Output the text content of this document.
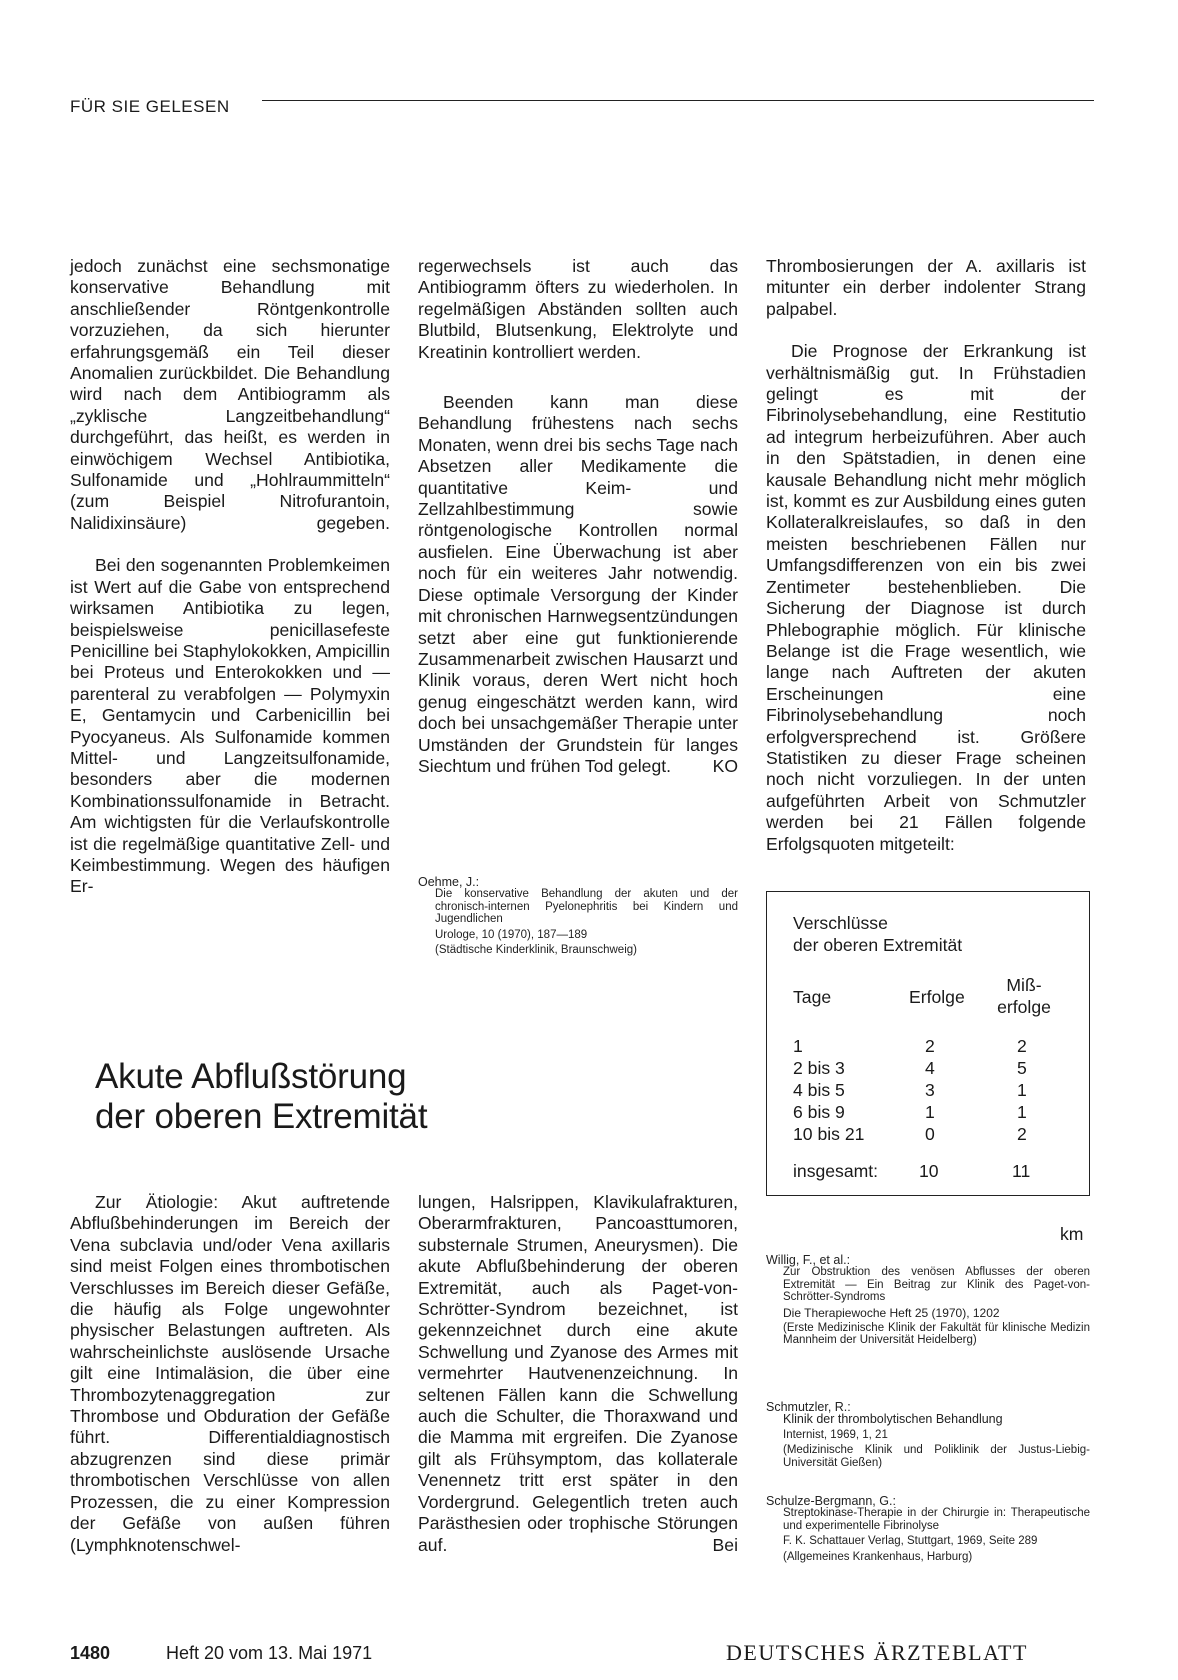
FÜR SIE GELESEN

jedoch zunächst eine sechsmonatige konservative Behandlung mit anschließender Röntgenkontrolle vorzuziehen, da sich hierunter erfahrungsgemäß ein Teil dieser Anomalien zurückbildet. Die Behandlung wird nach dem Antibiogramm als „zyklische Langzeitbehandlung“ durchgeführt, das heißt, es werden in einwöchigem Wechsel Antibiotika, Sulfonamide und „Hohlraummitteln“ (zum Beispiel Nitrofurantoin, Nalidixinsäure) gegeben.

Bei den sogenannten Problemkeimen ist Wert auf die Gabe von entsprechend wirksamen Antibiotika zu legen, beispielsweise penicillasefeste Penicilline bei Staphylokokken, Ampicillin bei Proteus und Enterokokken und — parenteral zu verabfolgen — Polymyxin E, Gentamycin und Carbenicillin bei Pyocyaneus. Als Sulfonamide kommen Mittel- und Langzeitsulfonamide, besonders aber die modernen Kombinationssulfonamide in Betracht. Am wichtigsten für die Verlaufskontrolle ist die regelmäßige quantitative Zell- und Keimbestimmung. Wegen des häufigen Er-

regerwechsels ist auch das Antibiogramm öfters zu wiederholen. In regelmäßigen Abständen sollten auch Blutbild, Blutsenkung, Elektrolyte und Kreatinin kontrolliert werden.

Beenden kann man diese Behandlung frühestens nach sechs Monaten, wenn drei bis sechs Tage nach Absetzen aller Medikamente die quantitative Keim- und Zellzahlbestimmung sowie röntgenologische Kontrollen normal ausfielen. Eine Überwachung ist aber noch für ein weiteres Jahr notwendig. Diese optimale Versorgung der Kinder mit chronischen Harnwegsentzündungen setzt aber eine gut funktionierende Zusammenarbeit zwischen Hausarzt und Klinik voraus, deren Wert nicht hoch genug eingeschätzt werden kann, wird doch bei unsachgemäßer Therapie unter Umständen der Grundstein für langes Siechtum und frühen Tod gelegt.	KO

Oehme, J.:
Die konservative Behandlung der akuten und der chronisch-internen Pyelonephritis bei Kindern und Jugendlichen
Urologe, 10 (1970), 187—189
(Städtische Kinderklinik, Braunschweig)
Akute Abflußstörung
der oberen Extremität

Zur Ätiologie: Akut auftretende Abflußbehinderungen im Bereich der Vena subclavia und/oder Vena axillaris sind meist Folgen eines thrombotischen Verschlusses im Bereich dieser Gefäße, die häufig als Folge ungewohnter physischer Belastungen auftreten. Als wahrscheinlichste auslösende Ursache gilt eine Intimaläsion, die über eine Thrombozytenaggregation zur Thrombose und Obduration der Gefäße führt. Differentialdiagnostisch abzugrenzen sind diese primär thrombotischen Verschlüsse von allen Prozessen, die zu einer Kompression der Gefäße von außen führen (Lymphknotenschwel-

lungen, Halsrippen, Klavikulafrakturen, Oberarmfrakturen, Pancoasttumoren, substernale Strumen, Aneurysmen). Die akute Abflußbehinderung der oberen Extremität, auch als Paget-von-Schrötter-Syndrom bezeichnet, ist gekennzeichnet durch eine akute Schwellung und Zyanose des Armes mit vermehrter Hautvenenzeichnung. In seltenen Fällen kann die Schwellung auch die Schulter, die Thoraxwand und die Mamma mit ergreifen. Die Zyanose gilt als Frühsymptom, das kollaterale Venennetz tritt erst später in den Vordergrund. Gelegentlich treten auch Parästhesien oder trophische Störungen auf. Bei

Thrombosierungen der A. axillaris ist mitunter ein derber indolenter Strang palpabel.

Die Prognose der Erkrankung ist verhältnismäßig gut. In Frühstadien gelingt es mit der Fibrinolysebehandlung, eine Restitutio ad integrum herbeizuführen. Aber auch in den Spätstadien, in denen eine kausale Behandlung nicht mehr möglich ist, kommt es zur Ausbildung eines guten Kollateralkreislaufes, so daß in den meisten beschriebenen Fällen nur Umfangsdifferenzen von ein bis zwei Zentimeter bestehenblieben. Die Sicherung der Diagnose ist durch Phlebographie möglich. Für klinische Belange ist die Frage wesentlich, wie lange nach Auftreten der akuten Erscheinungen eine Fibrinolysebehandlung noch erfolgversprechend ist. Größere Statistiken zu dieser Frage scheinen noch nicht vorzuliegen. In der unten aufgeführten Arbeit von Schmutzler werden bei 21 Fällen folgende Erfolgsquoten mitgeteilt:

Verschlüsse
der oberen Extremität
Tage	Erfolge
Miß-
erfolge
1	2	2
2 bis 3	4	5
4 bis 5	3	1
6 bis 9	1	1
10 bis 21	0	2
insgesamt: 10	11
km
Willig, F., et al.:
Zur Obstruktion des venösen Abflusses der oberen Extremität — Ein Beitrag zur Klinik des Paget-von-Schrötter-Syndroms
Die Therapiewoche Heft 25 (1970), 1202
(Erste Medizinische Klinik der Fakultät für klinische Medizin Mannheim der Universität Heidelberg)
Schmutzler, R.:
Klinik der thrombolytischen Behandlung
Internist, 1969, 1, 21
(Medizinische Klinik und Poliklinik der Justus-Liebig-Universität Gießen)
Schulze-Bergmann, G.:
Streptokinase-Therapie in der Chirurgie in: Therapeutische und experimentelle Fibrinolyse
F. K. Schattauer Verlag, Stuttgart, 1969, Seite 289
(Allgemeines Krankenhaus, Harburg)
1480	Heft 20 vom 13. Mai 1971	DEUTSCHES ÄRZTEBLATT
